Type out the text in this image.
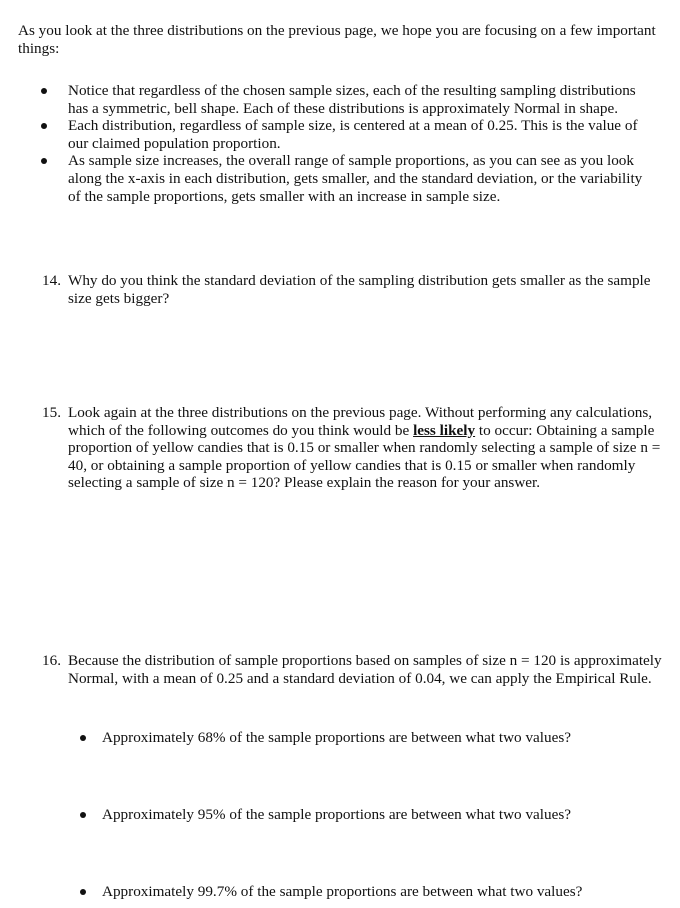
As you look at the three distributions on the previous page, we hope you are focusing on a few important things:
Notice that regardless of the chosen sample sizes, each of the resulting sampling distributions has a symmetric, bell shape. Each of these distributions is approximately Normal in shape.
Each distribution, regardless of sample size, is centered at a mean of 0.25. This is the value of our claimed population proportion.
As sample size increases, the overall range of sample proportions, as you can see as you look along the x-axis in each distribution, gets smaller, and the standard deviation, or the variability of the sample proportions, gets smaller with an increase in sample size.
14. Why do you think the standard deviation of the sampling distribution gets smaller as the sample size gets bigger?
15. Look again at the three distributions on the previous page. Without performing any calculations, which of the following outcomes do you think would be less likely to occur: Obtaining a sample proportion of yellow candies that is 0.15 or smaller when randomly selecting a sample of size n = 40, or obtaining a sample proportion of yellow candies that is 0.15 or smaller when randomly selecting a sample of size n = 120? Please explain the reason for your answer.
16. Because the distribution of sample proportions based on samples of size n = 120 is approximately Normal, with a mean of 0.25 and a standard deviation of 0.04, we can apply the Empirical Rule.
Approximately 68% of the sample proportions are between what two values?
Approximately 95% of the sample proportions are between what two values?
Approximately 99.7% of the sample proportions are between what two values?
